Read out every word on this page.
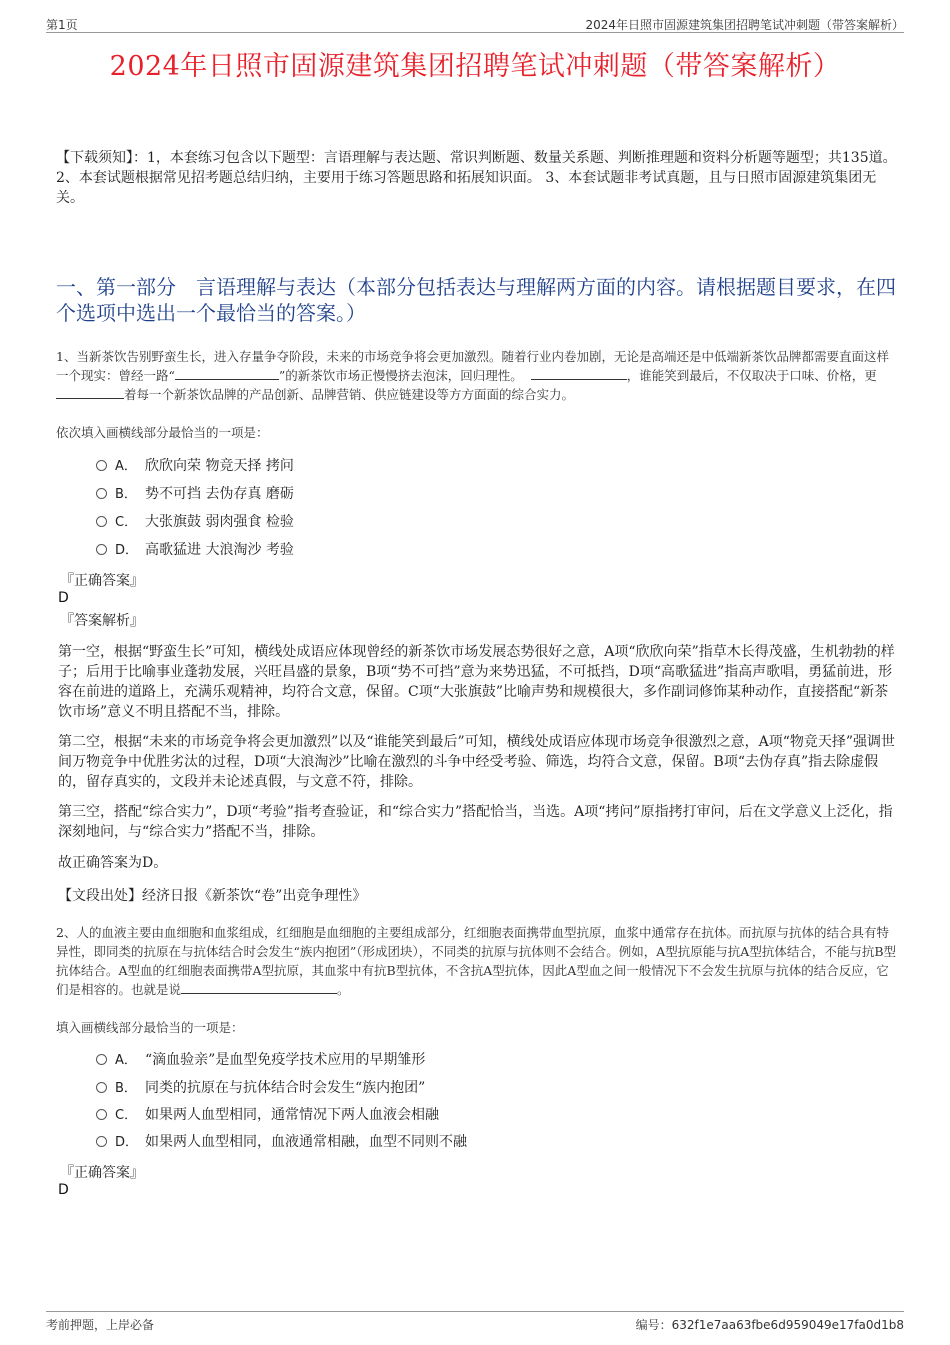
第1页	2024年日照市固源建筑集团招聘笔试冲刺题（带答案解析）
2024年日照市固源建筑集团招聘笔试冲刺题（带答案解析）
【下载须知】：1，本套练习包含以下题型：言语理解与表达题、常识判断题、数量关系题、判断推理题和资料分析题等题型；共135道。 2、本套试题根据常见招考题总结归纳，主要用于练习答题思路和拓展知识面。 3、本套试题非考试真题，且与日照市固源建筑集团无关。
一、第一部分　言语理解与表达（本部分包括表达与理解两方面的内容。请根据题目要求，在四个选项中选出一个最恰当的答案。）
1、当新茶饮告别野蛮生长，进入存量争夺阶段，未来的市场竞争将会更加激烈。随着行业内卷加剧，无论是高端还是中低端新茶饮品牌都需要直面这样一个现实：曾经一路“	”的新茶饮市场正慢慢挤去泡沫，回归理性。	，谁能笑到最后，不仅取决于口味、价格，更着每一个新茶饮品牌的产品创新、品牌营销、供应链建设等方方面面的综合实力。
依次填入画横线部分最恰当的一项是：
A． 欣欣向荣 物竞天择 拷问
B． 势不可挡 去伪存真 磨砺
C． 大张旗鼓 弱肉强食 检验
D． 高歌猛进 大浪淘沙 考验
『正确答案』
D
『答案解析』
第一空，根据“野蛮生长”可知，横线处成语应体现曾经的新茶饮市场发展态势很好之意，A项“欣欣向荣”指草木长得茂盛，生机勃勃的样子；后用于比喻事业蓬勃发展，兴旺昌盛的景象，B项“势不可挡”意为来势迅猛，不可抵挡，D项“高歌猛进”指高声歌唱，勇猛前进，形容在前进的道路上，充满乐观精神，均符合文意，保留。C项“大张旗鼓”比喻声势和规模很大，多作副词修饰某种动作，直接搭配“新茶饮市场”意义不明且搭配不当，排除。
第二空，根据“未来的市场竞争将会更加激烈”以及“谁能笑到最后”可知，横线处成语应体现市场竞争很激烈之意，A项“物竞天择”强调世间万物竞争中优胜劣汰的过程，D项“大浪淘沙”比喻在激烈的斗争中经受考验、筛选，均符合文意，保留。B项“去伪存真”指去除虚假的，留存真实的，文段并未论述真假，与文意不符，排除。
第三空，搭配“综合实力”，D项“考验”指考查验证，和“综合实力”搭配恰当，当选。A项“拷问”原指拷打审问，后在文学意义上泛化，指深刻地问，与“综合实力”搭配不当，排除。
故正确答案为D。
【文段出处】经济日报《新茶饮“卷”出竞争理性》
2、人的血液主要由血细胞和血浆组成，红细胞是血细胞的主要组成部分，红细胞表面携带血型抗原，血浆中通常存在抗体。而抗原与抗体的结合具有特异性，即同类的抗原在与抗体结合时会发生“族内抱团”（形成团块），不同类的抗原与抗体则不会结合。例如，A型抗原能与抗A型抗体结合，不能与抗B型抗体结合。A型血的红细胞表面携带A型抗原，其血浆中有抗B型抗体，不含抗A型抗体，因此A型血之间一般情况下不会发生抗原与抗体的结合反应，它们是相容的。也就是说	。
填入画横线部分最恰当的一项是：
A． “滴血验亲”是血型免疫学技术应用的早期雏形
B． 同类的抗原在与抗体结合时会发生“族内抱团”
C． 如果两人血型相同，通常情况下两人血液会相融
D． 如果两人血型相同，血液通常相融，血型不同则不融
『正确答案』
D
考前押题，上岸必备	编号：632f1e7aa63fbe6d959049e17fa0d1b8
